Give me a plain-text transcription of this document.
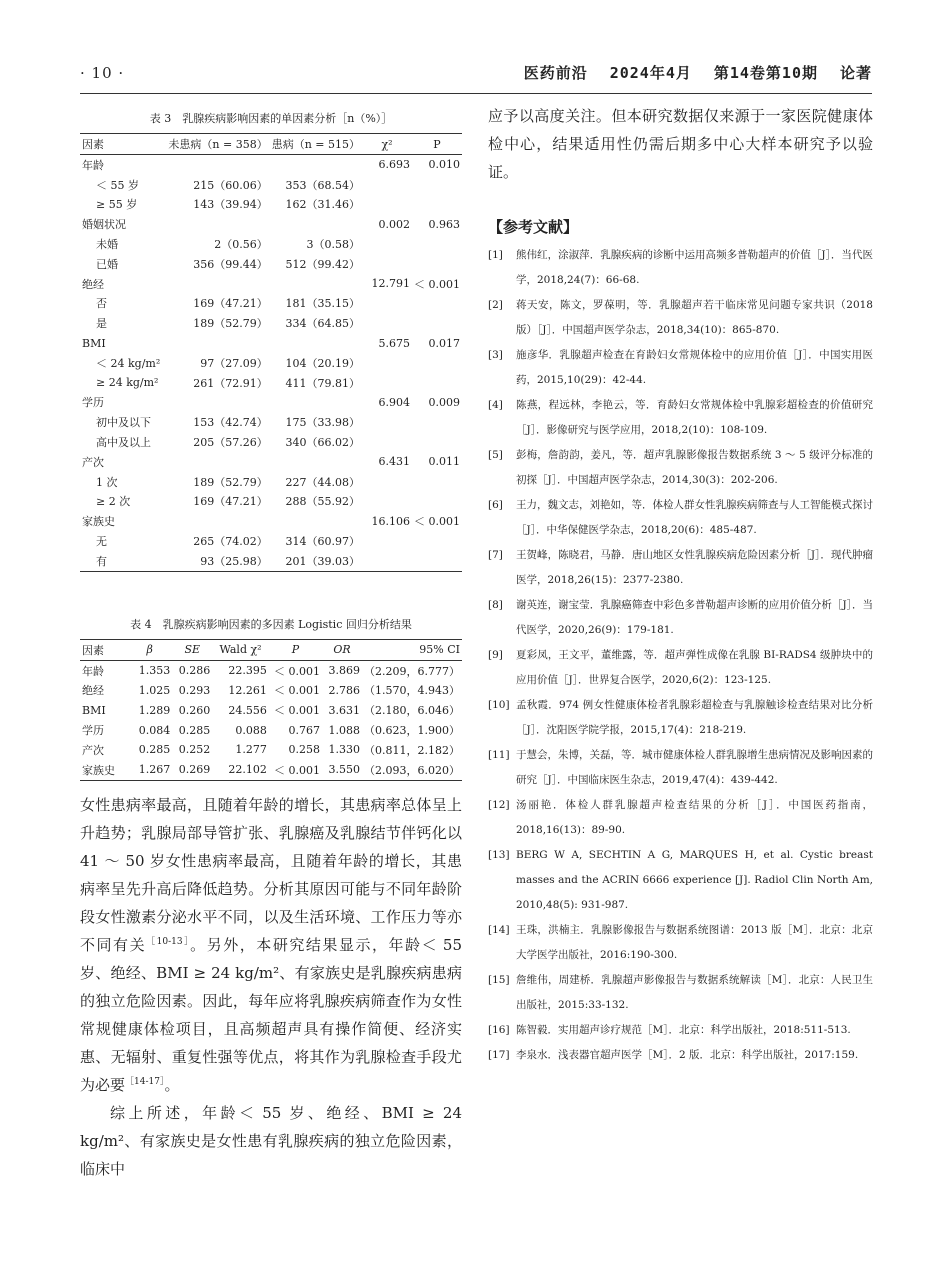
· 10 ·	医药前沿 2024年4月 第14卷第10期 论著
表 3　乳腺疾病影响因素的单因素分析［n（%）］
因素	未患病（n = 358）	患病（n = 515）	χ²	P
年龄			6.693	0.010
＜ 55 岁	215（60.06）	353（68.54）		
≥ 55 岁	143（39.94）	162（31.46）		
婚姻状况			0.002	0.963
未婚	2（0.56）	3（0.58）		
已婚	356（99.44）	512（99.42）		
绝经			12.791	＜ 0.001
否	169（47.21）	181（35.15）		
是	189（52.79）	334（64.85）		
BMI			5.675	0.017
＜ 24 kg/m²	97（27.09）	104（20.19）		
≥ 24 kg/m²	261（72.91）	411（79.81）		
学历			6.904	0.009
初中及以下	153（42.74）	175（33.98）		
高中及以上	205（57.26）	340（66.02）		
产次			6.431	0.011
1 次	189（52.79）	227（44.08）		
≥ 2 次	169（47.21）	288（55.92）		
家族史			16.106	＜ 0.001
无	265（74.02）	314（60.97）		
有	93（25.98）	201（39.03）		
表 4　乳腺疾病影响因素的多因素 Logistic 回归分析结果
因素	β	SE	Wald χ²	P	OR	95% CI
年龄	1.353	0.286	22.395	＜ 0.001	3.869	（2.209，6.777）
绝经	1.025	0.293	12.261	＜ 0.001	2.786	（1.570，4.943）
BMI	1.289	0.260	24.556	＜ 0.001	3.631	（2.180，6.046）
学历	0.084	0.285	0.088	0.767	1.088	（0.623，1.900）
产次	0.285	0.252	1.277	0.258	1.330	（0.811，2.182）
家族史	1.267	0.269	22.102	＜ 0.001	3.550	（2.093，6.020）

女性患病率最高，且随着年龄的增长，其患病率总体呈上升趋势；乳腺局部导管扩张、乳腺癌及乳腺结节伴钙化以 41 ～ 50 岁女性患病率最高，且随着年龄的增长，其患病率呈先升高后降低趋势。分析其原因可能与不同年龄阶段女性激素分泌水平不同，以及生活环境、工作压力等亦不同有关$^{[10-13]}$。另外，本研究结果显示，年龄＜ 55 岁、绝经、BMI ≥ 24 kg/m²、有家族史是乳腺疾病患病的独立危险因素。因此，每年应将乳腺疾病筛查作为女性常规健康体检项目，且高频超声具有操作简便、经济实惠、无辐射、重复性强等优点，将其作为乳腺检查手段尤为必要$^{[14-17]}$。

综上所述，年龄＜ 55 岁、绝经、BMI ≥ 24 kg/m²、有家族史是女性患有乳腺疾病的独立危险因素，临床中

应予以高度关注。但本研究数据仅来源于一家医院健康体检中心，结果适用性仍需后期多中心大样本研究予以验证。

【参考文献】
[1]	熊伟红，涂淑萍．乳腺疾病的诊断中运用高频多普勒超声的价值［J］．当代医学，2018,24(7)：66-68.
[2]	蒋天安，陈文，罗葆明，等．乳腺超声若干临床常见问题专家共识（2018 版）［J］．中国超声医学杂志，2018,34(10)：865-870.
[3]	施彦华．乳腺超声检查在育龄妇女常规体检中的应用价值［J］．中国实用医药，2015,10(29)：42-44.
[4]	陈燕，程远林，李艳云，等．育龄妇女常规体检中乳腺彩超检查的价值研究［J］．影像研究与医学应用，2018,2(10)：108-109.
[5]	彭梅，詹韵韵，姜凡，等．超声乳腺影像报告数据系统 3 ～ 5 级评分标准的初探［J］．中国超声医学杂志，2014,30(3)：202-206.
[6]	王力，魏文志，刘艳如，等．体检人群女性乳腺疾病筛查与人工智能模式探讨［J］．中华保健医学杂志，2018,20(6)：485-487.
[7]	王贺峰，陈晓君，马静．唐山地区女性乳腺疾病危险因素分析［J］．现代肿瘤医学，2018,26(15)：2377-2380.
[8]	谢英连，谢宝莹．乳腺癌筛查中彩色多普勒超声诊断的应用价值分析［J］．当代医学，2020,26(9)：179-181.
[9]	夏彩凤，王文平，董维露，等．超声弹性成像在乳腺 BI-RADS4 级肿块中的应用价值［J］．世界复合医学，2020,6(2)：123-125.
[10] 孟秋霞．974 例女性健康体检者乳腺彩超检查与乳腺触诊检查结果对比分析［J］．沈阳医学院学报，2015,17(4)：218-219.
[11] 于慧会，朱博，关磊，等．城市健康体检人群乳腺增生患病情况及影响因素的研究［J］．中国临床医生杂志，2019,47(4)：439-442.
[12] 汤丽艳．体检人群乳腺超声检查结果的分析［J］．中国医药指南，2018,16(13)：89-90.
[13] BERG W A, SECHTIN A G, MARQUES H, et al. Cystic breast masses and the ACRIN 6666 experience [J]. Radiol Clin North Am, 2010,48(5): 931-987.
[14] 王珠，洪楠主．乳腺影像报告与数据系统图谱：2013 版［M］．北京：北京大学医学出版社，2016:190-300.
[15] 詹维伟，周建桥．乳腺超声影像报告与数据系统解读［M］．北京：人民卫生出版社，2015:33-132.
[16] 陈智毅．实用超声诊疗规范［M］．北京：科学出版社，2018:511-513.
[17] 李泉水．浅表器官超声医学［M］．2 版．北京：科学出版社，2017:159.
